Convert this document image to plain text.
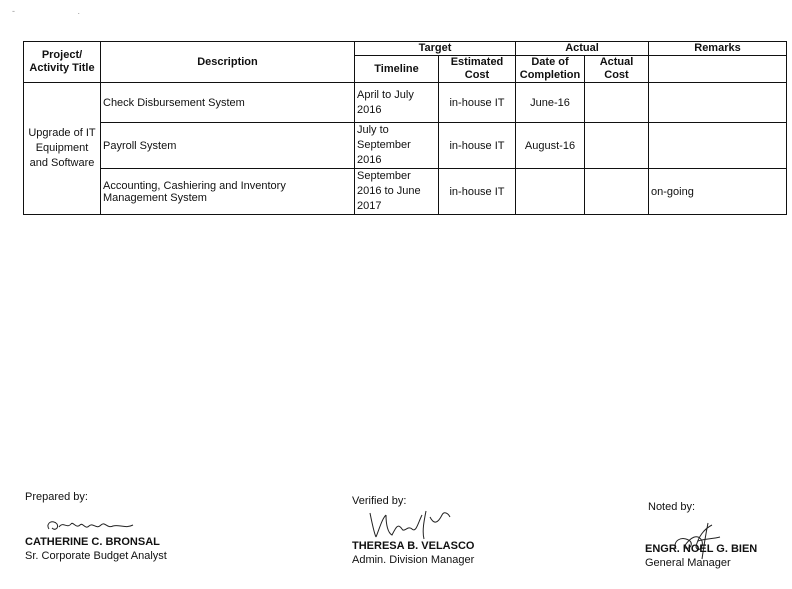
- .
Project/ Activity Title	Description	Target		Actual		Remarks
		Timeline	Estimated Cost	Date of Completion	Actual Cost	
Upgrade of IT Equipment and Software	Check Disbursement System	April to July 2016	in-house IT	June-16		
	Payroll System	July to September 2016	in-house IT	August-16		
	Accounting, Cashiering and Inventory Management System	September 2016 to June 2017	in-house IT			on-going
Prepared by:
CATHERINE C. BRONSAL
Sr. Corporate Budget Analyst
Verified by:
THERESA B. VELASCO
Admin. Division Manager
Noted by:
ENGR. NOEL G. BIEN
General Manager
